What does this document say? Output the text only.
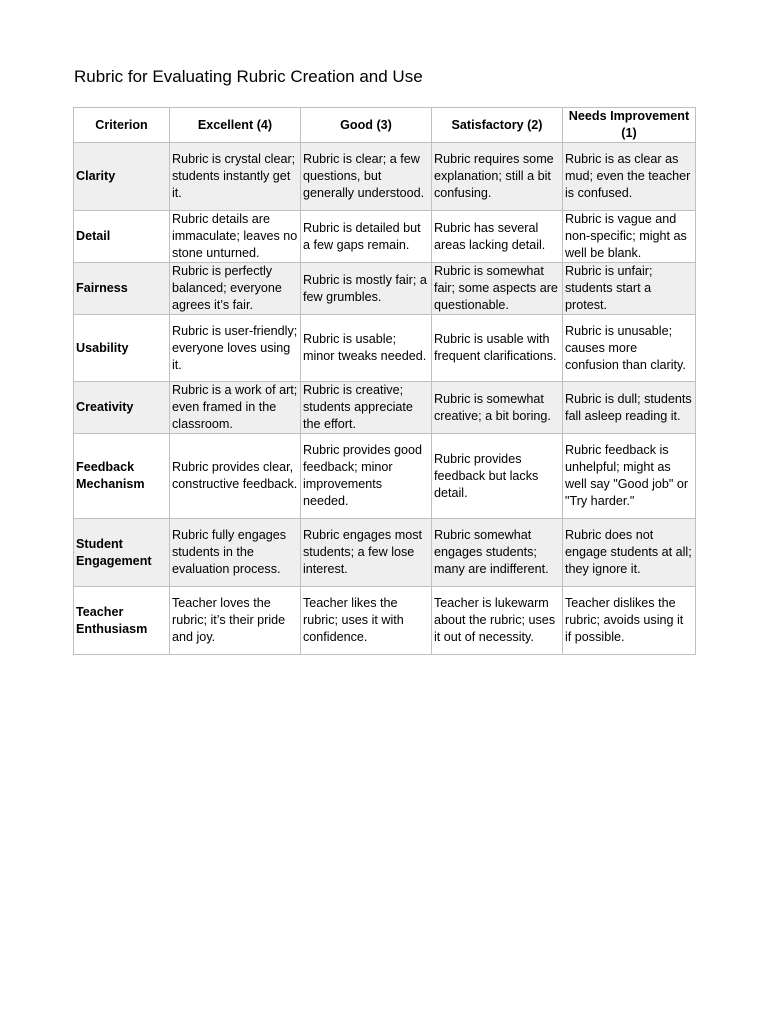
Rubric for Evaluating Rubric Creation and Use
Criterion	Excellent (4)	Good (3)	Satisfactory (2)	Needs Improvement (1)
Clarity	Rubric is crystal clear; students instantly get it.	Rubric is clear; a few questions, but generally understood.	Rubric requires some explanation; still a bit confusing.	Rubric is as clear as mud; even the teacher is confused.
Detail	Rubric details are immaculate; leaves no stone unturned.	Rubric is detailed but a few gaps remain.	Rubric has several areas lacking detail.	Rubric is vague and non-specific; might as well be blank.
Fairness	Rubric is perfectly balanced; everyone agrees it’s fair.	Rubric is mostly fair; a few grumbles.	Rubric is somewhat fair; some aspects are questionable.	Rubric is unfair; students start a protest.
Usability	Rubric is user-friendly; everyone loves using it.	Rubric is usable; minor tweaks needed.	Rubric is usable with frequent clarifications.	Rubric is unusable; causes more confusion than clarity.
Creativity	Rubric is a work of art; even framed in the classroom.	Rubric is creative; students appreciate the effort.	Rubric is somewhat creative; a bit boring.	Rubric is dull; students fall asleep reading it.
Feedback Mechanism	Rubric provides clear, constructive feedback.	Rubric provides good feedback; minor improvements needed.	Rubric provides feedback but lacks detail.	Rubric feedback is unhelpful; might as well say "Good job" or "Try harder."
Student Engagement	Rubric fully engages students in the evaluation process.	Rubric engages most students; a few lose interest.	Rubric somewhat engages students; many are indifferent.	Rubric does not engage students at all; they ignore it.
Teacher Enthusiasm	Teacher loves the rubric; it’s their pride and joy.	Teacher likes the rubric; uses it with confidence.	Teacher is lukewarm about the rubric; uses it out of necessity.	Teacher dislikes the rubric; avoids using it if possible.
